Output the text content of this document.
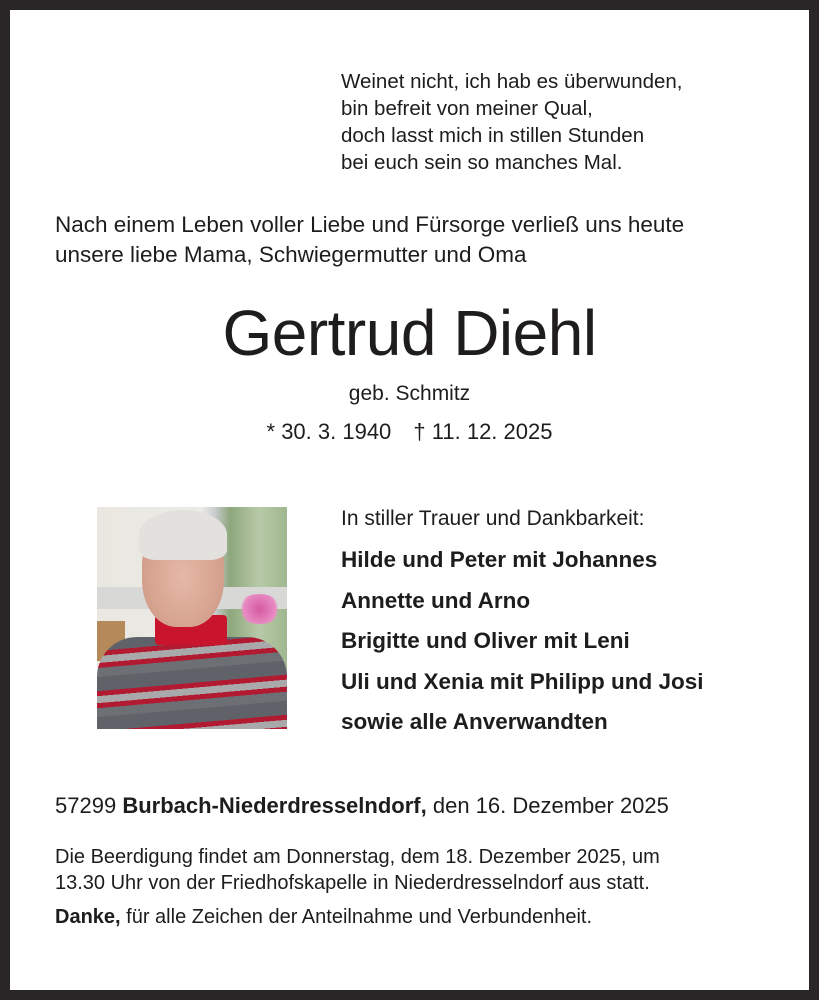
Weinet nicht, ich hab es überwunden,
bin befreit von meiner Qual,
doch lasst mich in stillen Stunden
bei euch sein so manches Mal.
Nach einem Leben voller Liebe und Fürsorge verließ uns heute
unsere liebe Mama, Schwiegermutter und Oma
Gertrud Diehl
geb. Schmitz
* 30. 3. 1940 † 11. 12. 2025
In stiller Trauer und Dankbarkeit:
Hilde und Peter mit Johannes
Annette und Arno
Brigitte und Oliver mit Leni
Uli und Xenia mit Philipp und Josi
sowie alle Anverwandten
57299 Burbach-Niederdresselndorf, den 16. Dezember 2025
Die Beerdigung findet am Donnerstag, dem 18. Dezember 2025, um
13.30 Uhr von der Friedhofskapelle in Niederdresselndorf aus statt.
Danke, für alle Zeichen der Anteilnahme und Verbundenheit.
